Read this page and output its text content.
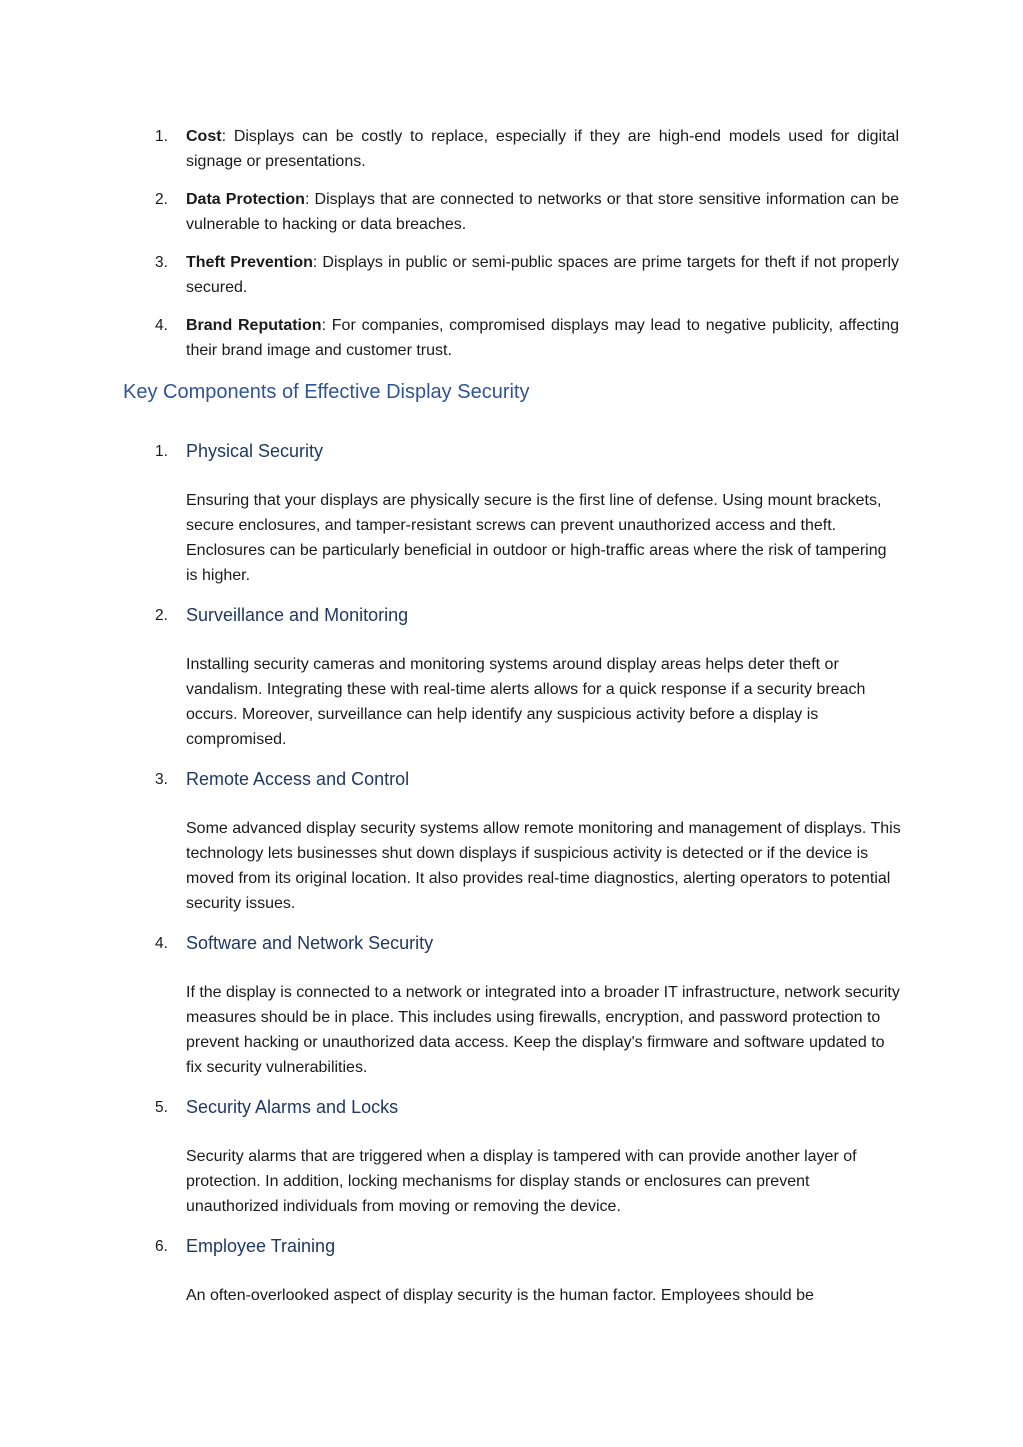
1. Cost: Displays can be costly to replace, especially if they are high-end models used for digital signage or presentations.
2. Data Protection: Displays that are connected to networks or that store sensitive information can be vulnerable to hacking or data breaches.
3. Theft Prevention: Displays in public or semi-public spaces are prime targets for theft if not properly secured.
4. Brand Reputation: For companies, compromised displays may lead to negative publicity, affecting their brand image and customer trust.
Key Components of Effective Display Security
1. Physical Security

Ensuring that your displays are physically secure is the first line of defense. Using mount brackets, secure enclosures, and tamper-resistant screws can prevent unauthorized access and theft. Enclosures can be particularly beneficial in outdoor or high-traffic areas where the risk of tampering is higher.

2. Surveillance and Monitoring

Installing security cameras and monitoring systems around display areas helps deter theft or vandalism. Integrating these with real-time alerts allows for a quick response if a security breach occurs. Moreover, surveillance can help identify any suspicious activity before a display is compromised.

3. Remote Access and Control

Some advanced display security systems allow remote monitoring and management of displays. This technology lets businesses shut down displays if suspicious activity is detected or if the device is moved from its original location. It also provides real-time diagnostics, alerting operators to potential security issues.

4. Software and Network Security

If the display is connected to a network or integrated into a broader IT infrastructure, network security measures should be in place. This includes using firewalls, encryption, and password protection to prevent hacking or unauthorized data access. Keep the display's firmware and software updated to fix security vulnerabilities.

5. Security Alarms and Locks

Security alarms that are triggered when a display is tampered with can provide another layer of protection. In addition, locking mechanisms for display stands or enclosures can prevent unauthorized individuals from moving or removing the device.

6. Employee Training

An often-overlooked aspect of display security is the human factor. Employees should be
